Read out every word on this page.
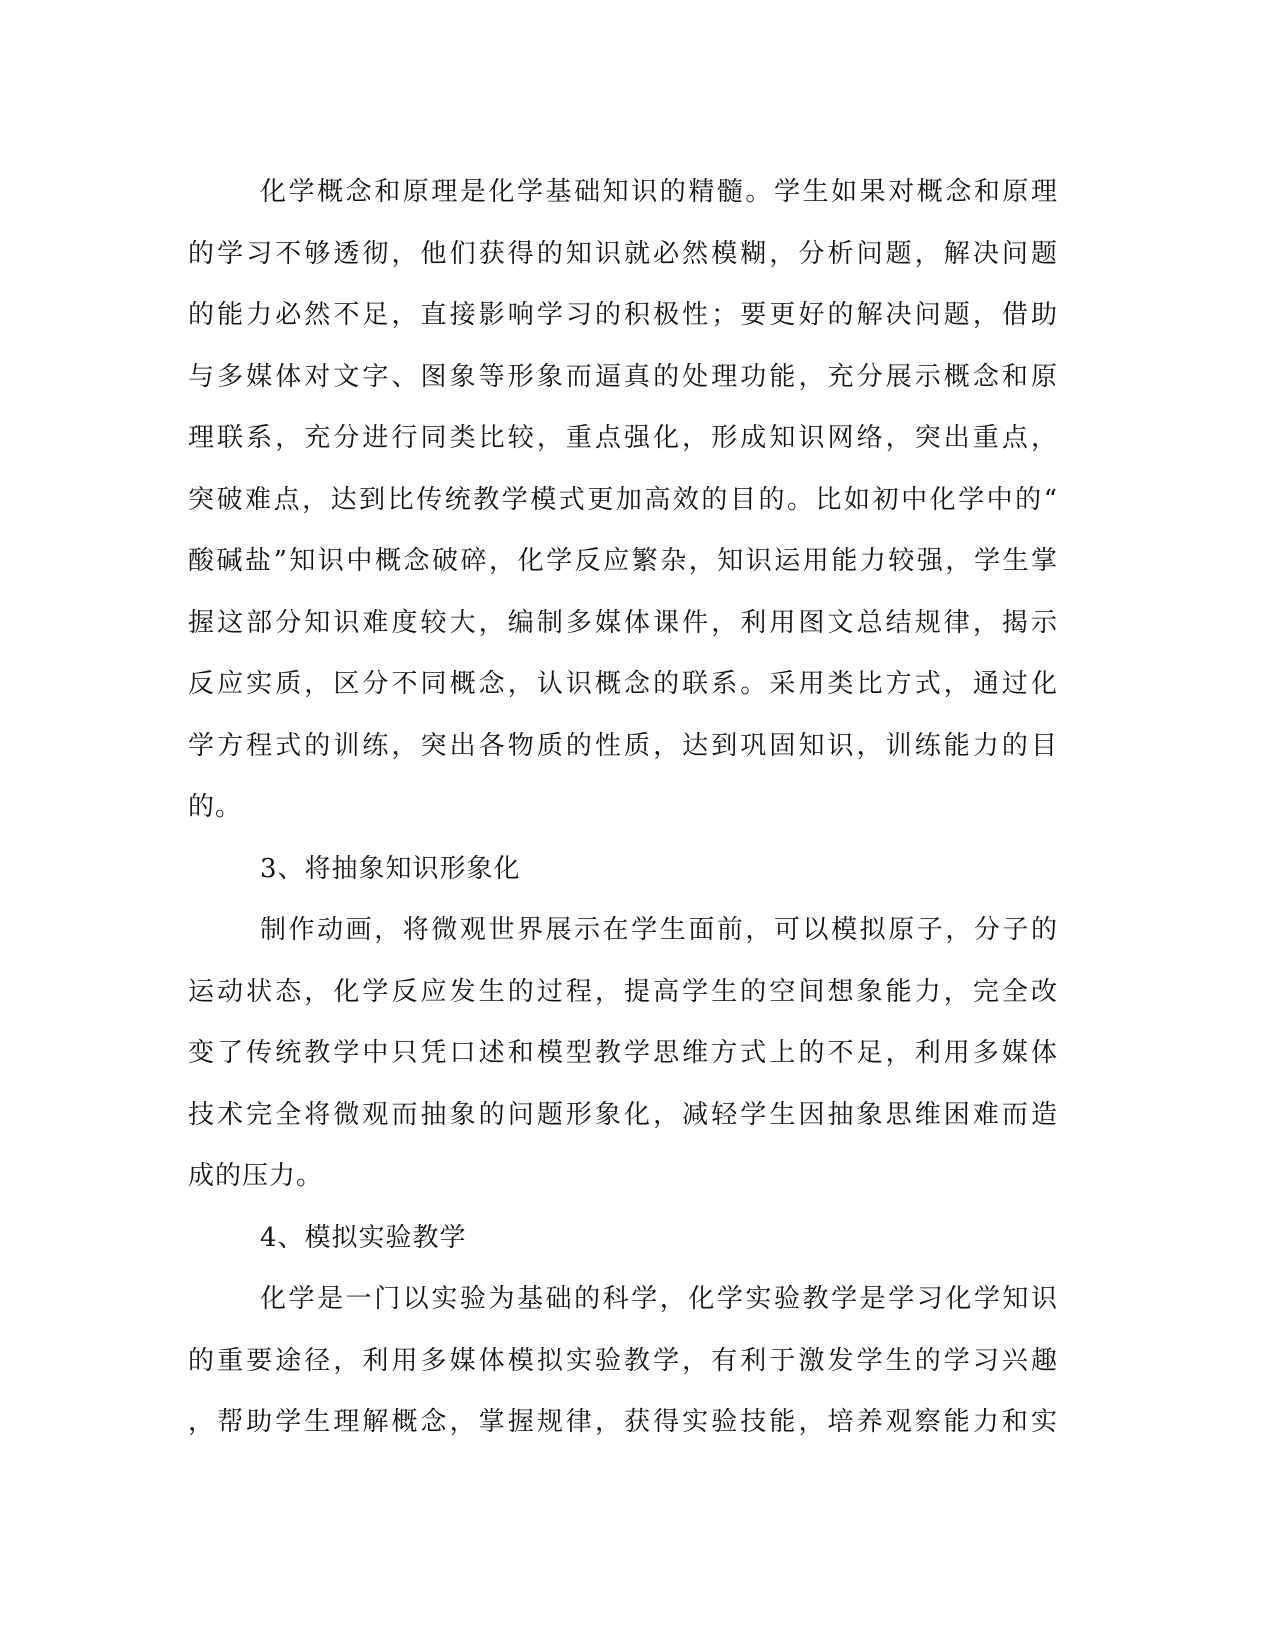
化学概念和原理是化学基础知识的精髓。学生如果对概念和原理
的学习不够透彻，他们获得的知识就必然模糊，分析问题，解决问题
的能力必然不足，直接影响学习的积极性；要更好的解决问题，借助
与多媒体对文字、图象等形象而逼真的处理功能，充分展示概念和原
理联系，充分进行同类比较，重点强化，形成知识网络，突出重点，
突破难点，达到比传统教学模式更加高效的目的。比如初中化学中的“
酸碱盐”知识中概念破碎，化学反应繁杂，知识运用能力较强，学生掌
握这部分知识难度较大，编制多媒体课件，利用图文总结规律，揭示
反应实质，区分不同概念，认识概念的联系。采用类比方式，通过化
学方程式的训练，突出各物质的性质，达到巩固知识，训练能力的目
的。
3、将抽象知识形象化
制作动画，将微观世界展示在学生面前，可以模拟原子，分子的
运动状态，化学反应发生的过程，提高学生的空间想象能力，完全改
变了传统教学中只凭口述和模型教学思维方式上的不足，利用多媒体
技术完全将微观而抽象的问题形象化，减轻学生因抽象思维困难而造
成的压力。
4、模拟实验教学
化学是一门以实验为基础的科学，化学实验教学是学习化学知识
的重要途径，利用多媒体模拟实验教学，有利于激发学生的学习兴趣
，帮助学生理解概念，掌握规律，获得实验技能，培养观察能力和实
